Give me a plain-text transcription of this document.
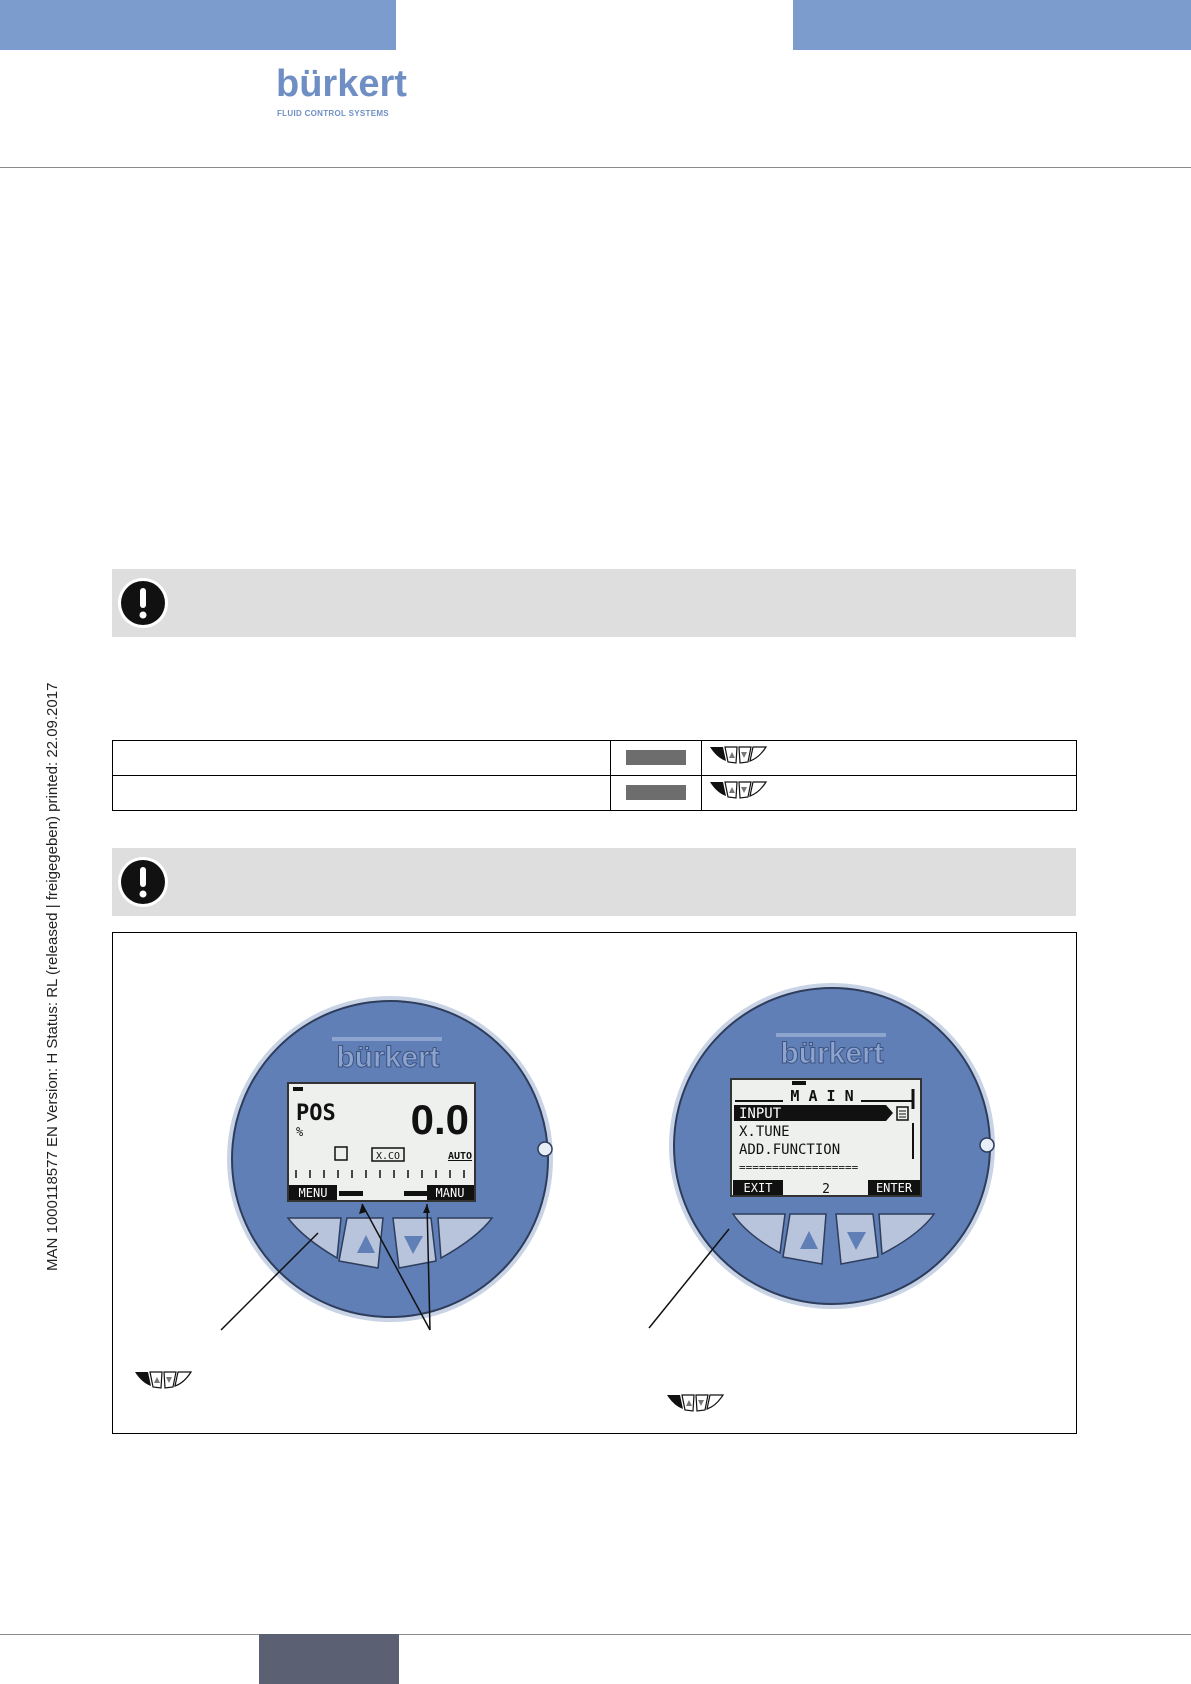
bürkert
FLUID CONTROL SYSTEMS
MAN 1000118577 EN Version: H Status: RL (released | freigegeben) printed: 22.09.2017

			bürkert
POS
%	0.0
X.CO	AUTO
MENU	MANU
bürkert
M A I N
INPUT
X.TUNE
ADD.FUNCTION
==================
EXIT	2	ENTER
